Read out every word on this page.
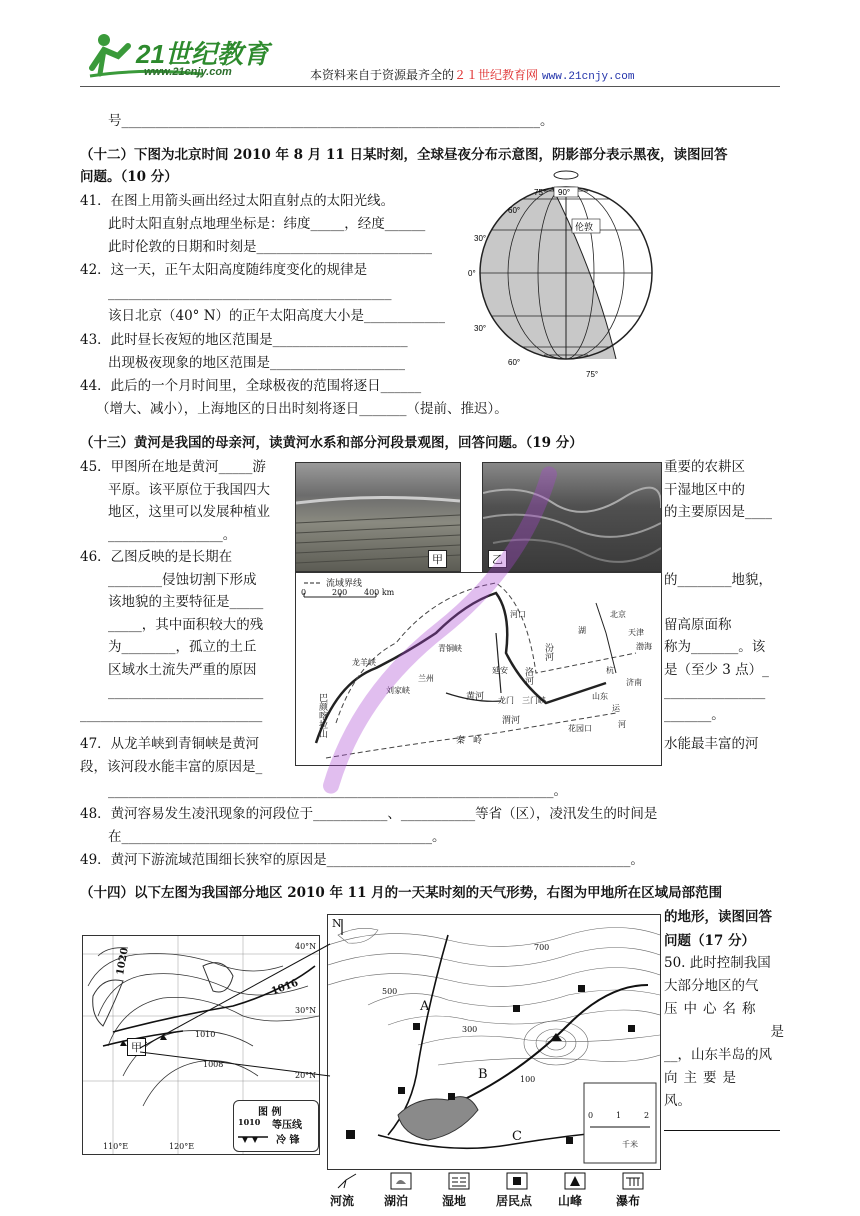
21世纪教育
www.21cnjy.com	本资料来自于资源最齐全的２１世纪教育网 www.21cnjy.com
号______________________________________________________________。
（十二）下图为北京时间 2010 年 8 月 11 日某时刻，全球昼夜分布示意图，阴影部分表示黑夜，读图回答
问题。（10 分）
41．在图上用箭头画出经过太阳直射点的太阳光线。
此时太阳直射点地理坐标是：纬度_____，经度______
此时伦敦的日期和时刻是__________________________
42．这一天，正午太阳高度随纬度变化的规律是
__________________________________________
该日北京（40° N）的正午太阳高度大小是____________
43．此时昼长夜短的地区范围是____________________
出现极夜现象的地区范围是____________________
44．此后的一个月时间里，全球极夜的范围将逐日______
（增大、减小），上海地区的日出时刻将逐日_______（提前、推迟）。
90°
75°
60°
30°
0°
30°
60°
75°
伦敦
（十三）黄河是我国的母亲河，读黄河水系和部分河段景观图，回答问题。（19 分）
45．甲图所在地是黄河_____游
平原。该平原位于我国四大
地区，这里可以发展种植业
_________________。
46．乙图反映的是长期在
________侵蚀切割下形成
该地貌的主要特征是_____
_____，其中面积较大的残
为________，孤立的土丘
区域水土流失严重的原因
_______________________
___________________________
重要的农耕区
干湿地区中的
的主要原因是____
的________地貌，
留高原面称
称为_______。该
是（至少 3 点）_
_______________
_______。
流域界线
0	200 400 km
北京
天津
渤海
济南
河口
青铜峡
兰州
延安
龙门 三门峡
花园口
龙羊峡
刘家峡
黄河
汾河
渭河
洛河
秦岭
巴颜喀拉山	山东
湖
杭
运
河
甲	乙
47．从龙羊峡到青铜峡是黄河	水能最丰富的河
段，该河段水能丰富的原因是_
__________________________________________________________________。
48．黄河容易发生凌汛现象的河段位于___________、___________等省（区），凌汛发生的时间是
在______________________________________________。
49．黄河下游流域范围细长狭窄的原因是_____________________________________________。
（十四）以下左图为我国部分地区 2010 年 11 月的一天某时刻的天气形势，右图为甲地所在区域局部范围
的地形，读图回答
问题（17 分）
50. 此时控制我国
大部分地区的气
压中心名称
是
__，山东半岛的风
向主要是
风。
1020
1016
1010
1008
40°N
30°N
20°N
110°E	120°E
甲
图 例
1010 等压线
冷 锋
N
700
500
300
100
A
B
C
0	1	2
千米
河流 湖泊	湿地 居民点 山峰	瀑布
